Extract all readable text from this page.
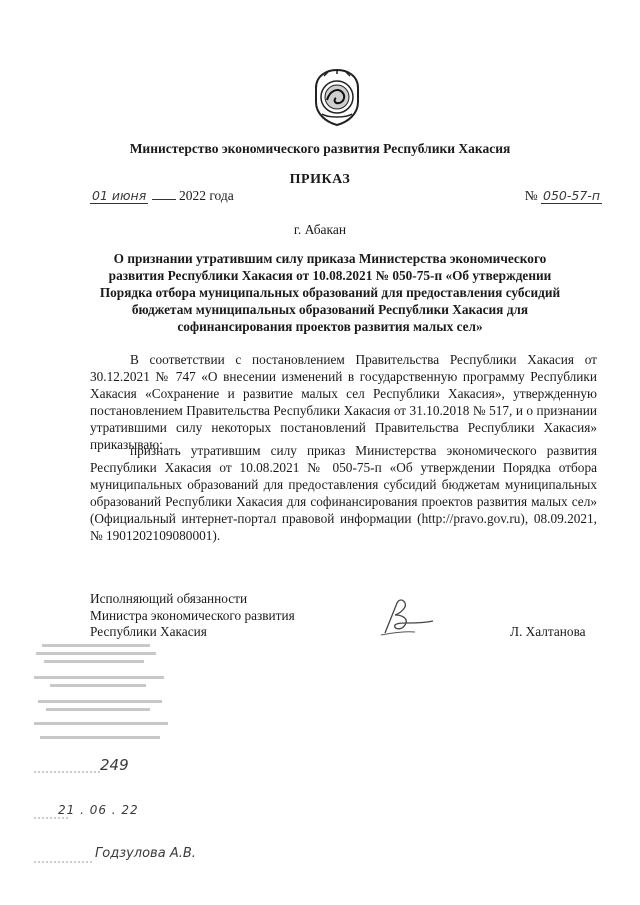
Министерство экономического развития Республики Хакасия
ПРИКАЗ
01 июня 2022 года	№ 050-57-п
г. Абакан
О признании утратившим силу приказа Министерства экономического
развития Республики Хакасия от 10.08.2021 № 050-75-п «Об утверждении
Порядка отбора муниципальных образований для предоставления субсидий
бюджетам муниципальных образований Республики Хакасия для
софинансирования проектов развития малых сел»

В соответствии с постановлением Правительства Республики Хакасия от 30.12.2021 № 747 «О внесении изменений в государственную программу Республики Хакасия «Сохранение и развитие малых сел Республики Хакасия», утвержденную постановлением Правительства Республики Хакасия от 31.10.2018 № 517, и о признании утратившими силу некоторых постановлений Правительства Республики Хакасия» приказываю:

признать утратившим силу приказ Министерства экономического развития Республики Хакасия от 10.08.2021 № 050-75-п «Об утверждении Порядка отбора муниципальных образований для предоставления субсидий бюджетам муниципальных образований Республики Хакасия для софинансирования проектов развития малых сел» (Официальный интернет-портал правовой информации (http://pravo.gov.ru), 08.09.2021, № 1901202109080001).

Исполняющий обязанности
Министра экономического развития
Республики Хакасия	Л. Халтанова
249
21 . 06 . 22
Годзулова А.В.
